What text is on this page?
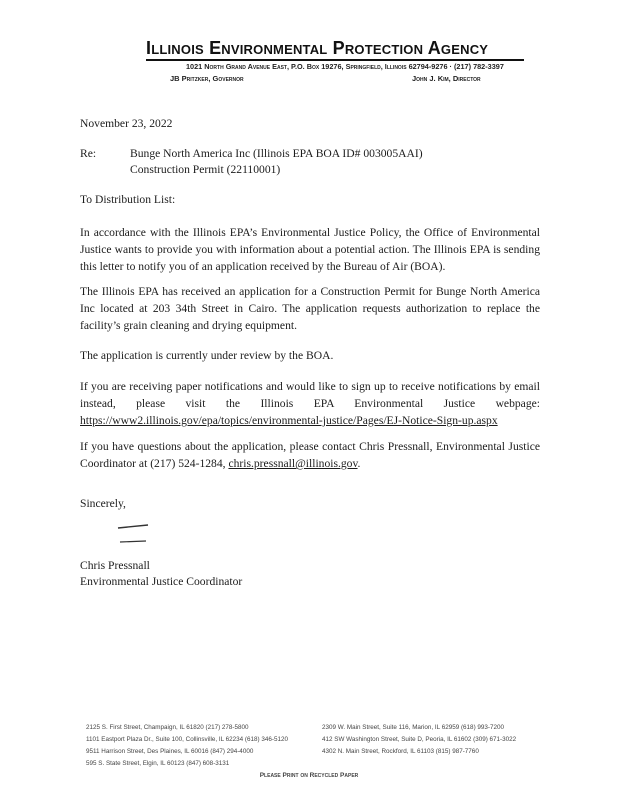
Illinois Environmental Protection Agency
1021 North Grand Avenue East, P.O. Box 19276, Springfield, Illinois 62794-9276 · (217) 782-3397
JB Pritzker, Governor	John J. Kim, Director
November 23, 2022
Re:	Bunge North America Inc (Illinois EPA BOA ID# 003005AAI)
Construction Permit (22110001)
To Distribution List:
In accordance with the Illinois EPA’s Environmental Justice Policy, the Office of Environmental Justice wants to provide you with information about a potential action. The Illinois EPA is sending this letter to notify you of an application received by the Bureau of Air (BOA).
The Illinois EPA has received an application for a Construction Permit for Bunge North America Inc located at 203 34th Street in Cairo. The application requests authorization to replace the facility’s grain cleaning and drying equipment.
The application is currently under review by the BOA.
If you are receiving paper notifications and would like to sign up to receive notifications by email instead, please visit the Illinois EPA Environmental Justice webpage: https://www2.illinois.gov/epa/topics/environmental-justice/Pages/EJ-Notice-Sign-up.aspx
If you have questions about the application, please contact Chris Pressnall, Environmental Justice Coordinator at (217) 524-1284, chris.pressnall@illinois.gov.
Sincerely,
Chris Pressnall
Environmental Justice Coordinator
2125 S. First Street, Champaign, IL 61820 (217) 278-5800
1101 Eastport Plaza Dr., Suite 100, Collinsville, IL 62234 (618) 346-5120
9511 Harrison Street, Des Plaines, IL 60016 (847) 294-4000
595 S. State Street, Elgin, IL 60123 (847) 608-3131
2309 W. Main Street, Suite 116, Marion, IL 62959 (618) 993-7200
412 SW Washington Street, Suite D, Peoria, IL 61602 (309) 671-3022
4302 N. Main Street, Rockford, IL 61103 (815) 987-7760
Please Print on Recycled Paper
